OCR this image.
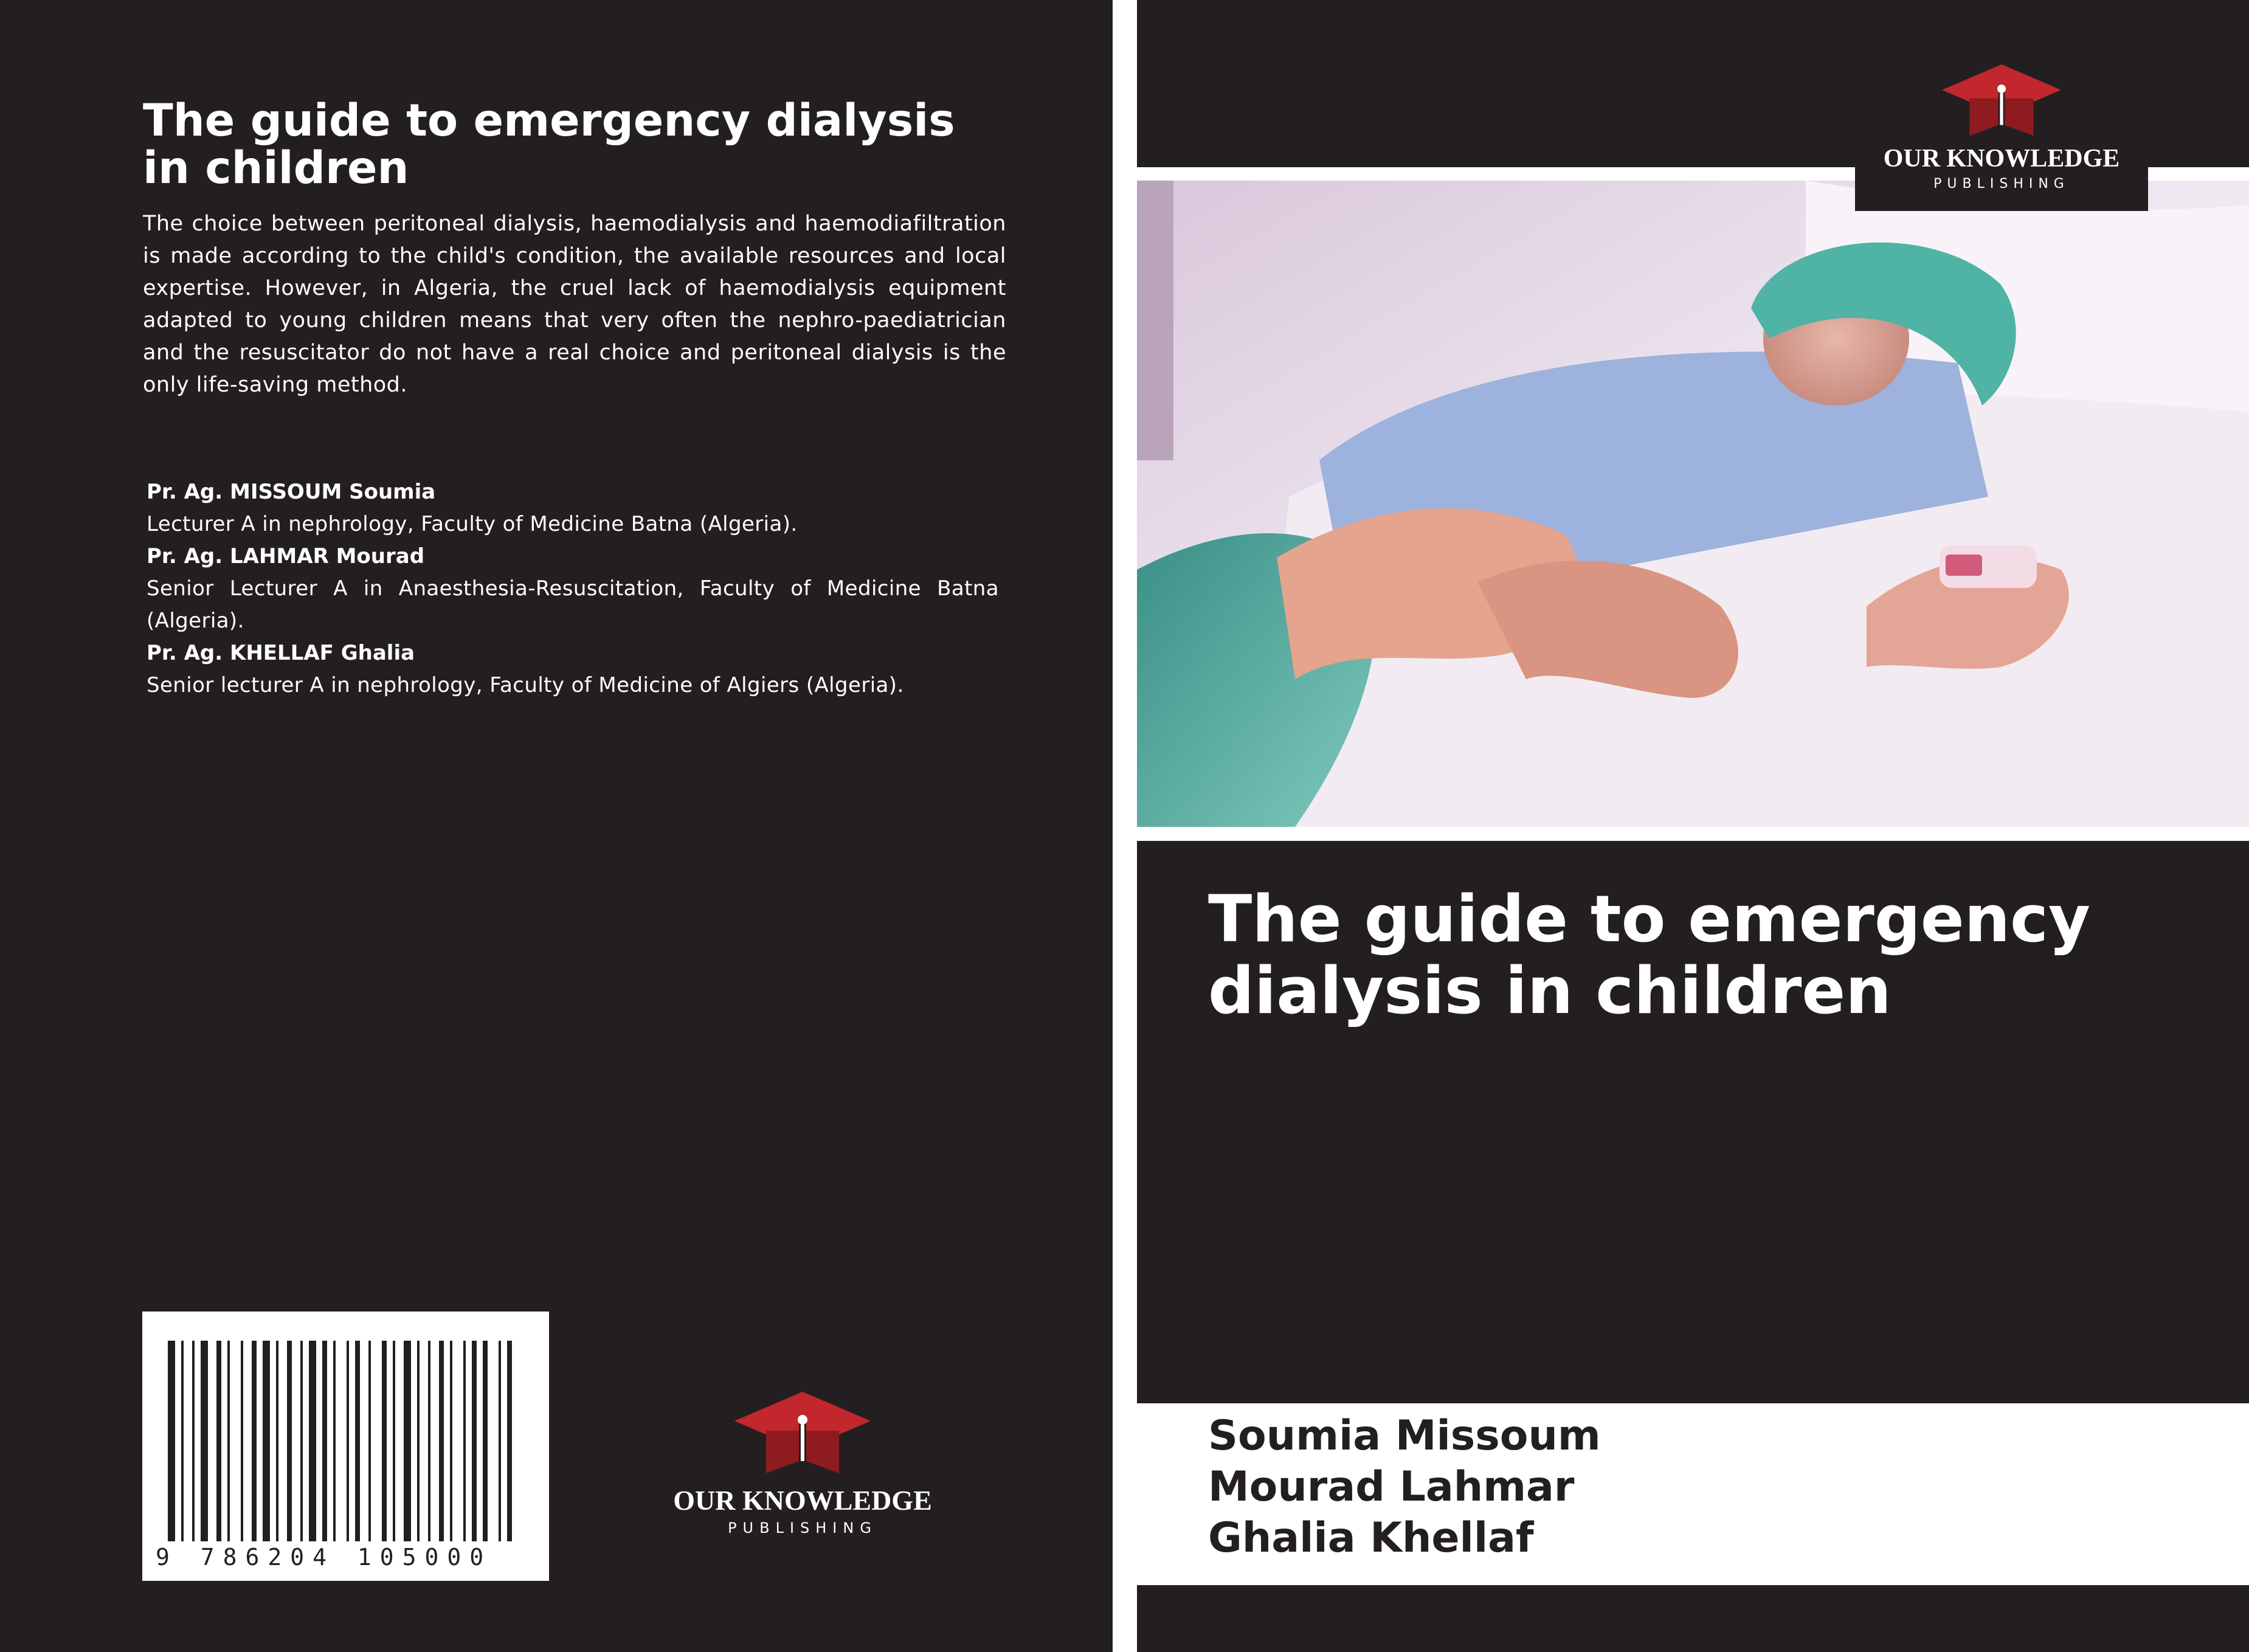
The guide to emergency dialysis in children

The choice between peritoneal dialysis, haemodialysis and haemodiafiltration is made according to the child's condition, the available resources and local expertise. However, in Algeria, the cruel lack of haemodialysis equipment adapted to young children means that very often the nephro-paediatrician and the resuscitator do not have a real choice and peritoneal dialysis is the only life-saving method.

Pr. Ag. MISSOUM Soumia
Lecturer A in nephrology, Faculty of Medicine Batna (Algeria).
Pr. Ag. LAHMAR Mourad
Senior Lecturer A in Anaesthesia-Resuscitation, Faculty of Medicine Batna (Algeria).
Pr. Ag. KHELLAF Ghalia
Senior lecturer A in nephrology, Faculty of Medicine of Algiers (Algeria).
9 786204 105000
OUR KNOWLEDGE
PUBLISHING
The guide to emergency dialysis in children
Soumia Missoum
Mourad Lahmar
Ghalia Khellaf
OUR KNOWLEDGE
PUBLISHING
